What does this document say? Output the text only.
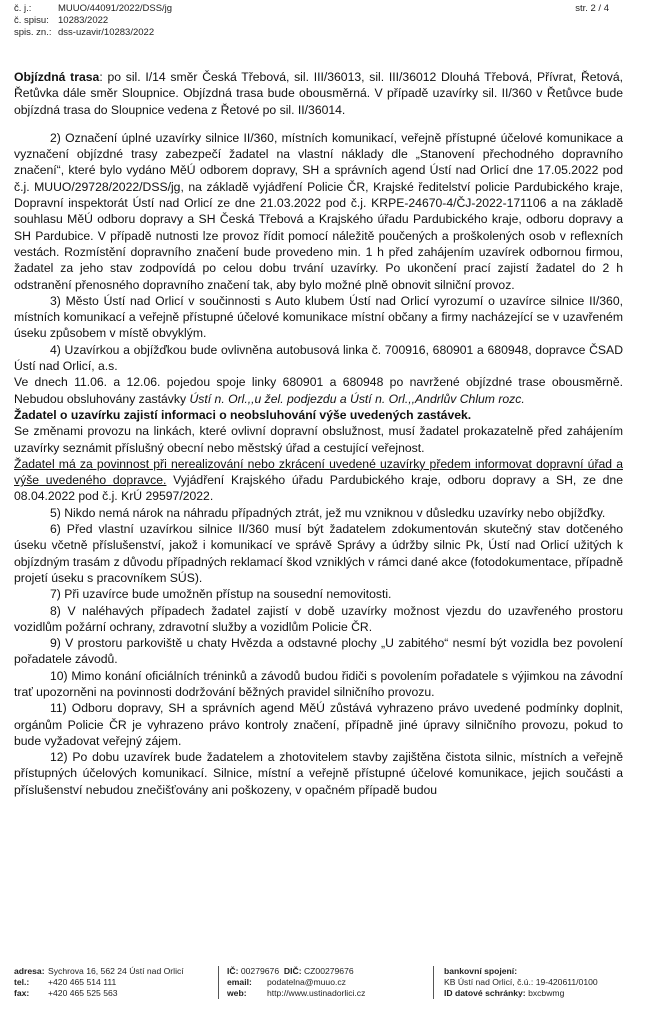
č. j.:	MUUO/44091/2022/DSS/jg
č. spisu: 10283/2022
spis. zn.: dss-uzavir/10283/2022
str. 2 / 4

Objízdná trasa: po sil. I/14 směr Česká Třebová, sil. III/36013, sil. III/36012 Dlouhá Třebová, Přívrat, Řetová, Řetůvka dále směr Sloupnice. Objízdná trasa bude obousměrná. V případě uzavírky sil. II/360 v Řetůvce bude objízdná trasa do Sloupnice vedena z Řetové po sil. II/36014.

2) Označení úplné uzavírky silnice II/360, místních komunikací, veřejně přístupné účelové komunikace a vyznačení objízdné trasy zabezpečí žadatel na vlastní náklady dle „Stanovení přechodného dopravního značení“, které bylo vydáno MěÚ odborem dopravy, SH a správních agend Ústí nad Orlicí dne 17.05.2022 pod č.j. MUUO/29728/2022/DSS/jg, na základě vyjádření Policie ČR, Krajské ředitelství policie Pardubického kraje, Dopravní inspektorát Ústí nad Orlicí ze dne 21.03.2022 pod č.j. KRPE-24670-4/ČJ-2022-171106 a na základě souhlasu MěÚ odboru dopravy a SH Česká Třebová a Krajského úřadu Pardubického kraje, odboru dopravy a SH Pardubice. V případě nutnosti lze provoz řídit pomocí náležitě poučených a proškolených osob v reflexních vestách. Rozmístění dopravního značení bude provedeno min. 1 h před zahájením uzavírek odbornou firmou, žadatel za jeho stav zodpovídá po celou dobu trvání uzavírky. Po ukončení prací zajistí žadatel do 2 h odstranění přenosného dopravního značení tak, aby bylo možné plně obnovit silniční provoz.

3) Město Ústí nad Orlicí v součinnosti s Auto klubem Ústí nad Orlicí vyrozumí o uzavírce silnice II/360, místních komunikací a veřejně přístupné účelové komunikace místní občany a firmy nacházející se v uzavřeném úseku způsobem v místě obvyklým.

4) Uzavírkou a objížďkou bude ovlivněna autobusová linka č. 700916, 680901 a 680948, dopravce ČSAD Ústí nad Orlicí, a.s.

Ve dnech 11.06. a 12.06. pojedou spoje linky 680901 a 680948 po navržené objízdné trase obousměrně. Nebudou obsluhovány zastávky Ústí n. Orl.,,u žel. podjezdu a Ústí n. Orl.,,Andrlův Chlum rozc.

Žadatel o uzavírku zajistí informaci o neobsluhování výše uvedených zastávek.

Se změnami provozu na linkách, které ovlivní dopravní obslužnost, musí žadatel prokazatelně před zahájením uzavírky seznámit příslušný obecní nebo městský úřad a cestující veřejnost.

Žadatel má za povinnost při nerealizování nebo zkrácení uvedené uzavírky předem informovat dopravní úřad a výše uvedeného dopravce. Vyjádření Krajského úřadu Pardubického kraje, odboru dopravy a SH, ze dne 08.04.2022 pod č.j. KrÚ 29597/2022.

5) Nikdo nemá nárok na náhradu případných ztrát, jež mu vzniknou v důsledku uzavírky nebo objížďky.

6) Před vlastní uzavírkou silnice II/360 musí být žadatelem zdokumentován skutečný stav dotčeného úseku včetně příslušenství, jakož i komunikací ve správě Správy a údržby silnic Pk, Ústí nad Orlicí užitých k objízdným trasám z důvodu případných reklamací škod vzniklých v rámci dané akce (fotodokumentace, případně projetí úseku s pracovníkem SÚS).

7) Při uzavírce bude umožněn přístup na sousední nemovitosti.

8) V naléhavých případech žadatel zajistí v době uzavírky možnost vjezdu do uzavřeného prostoru vozidlům požární ochrany, zdravotní služby a vozidlům Policie ČR.

9) V prostoru parkoviště u chaty Hvězda a odstavné plochy „U zabitého“ nesmí být vozidla bez povolení pořadatele závodů.

10) Mimo konání oficiálních tréninků a závodů budou řidiči s povolením pořadatele s výjimkou na závodní trať upozorněni na povinnosti dodržování běžných pravidel silničního provozu.

11) Odboru dopravy, SH a správních agend MěÚ zůstává vyhrazeno právo uvedené podmínky doplnit, orgánům Policie ČR je vyhrazeno právo kontroly značení, případně jiné úpravy silničního provozu, pokud to bude vyžadovat veřejný zájem.

12) Po dobu uzavírek bude žadatelem a zhotovitelem stavby zajištěna čistota silnic, místních a veřejně přístupných účelových komunikací. Silnice, místní a veřejně přístupné účelové komunikace, jejich součásti a příslušenství nebudou znečišťovány ani poškozeny, v opačném případě budou

adresa: Sychrova 16, 562 24 Ústí nad Orlicí
tel.: +420 465 514 111
fax: +420 465 525 563
IČ: 00279676 DIČ: CZ00279676
email: podatelna@muuo.cz
web: http://www.ustinadorlici.cz
bankovní spojení:
KB Ústí nad Orlicí, č.ú.: 19-420611/0100
ID datové schránky: bxcbwmg
